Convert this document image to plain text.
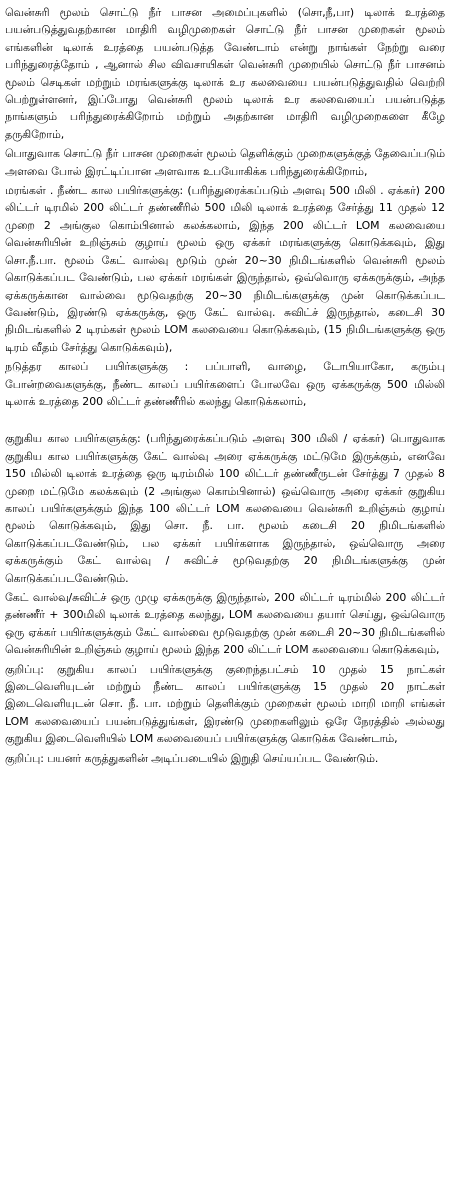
வென்சுரி மூலம் சொட்டு நீர் பாசன அமைப்புகளில் (சொ,நீ,பா) டிலாக் உரத்தை பயன்படுத்துவதற்கான மாதிரி வழிமுறைகள் சொட்டு நீர் பாசன முறைகள் மூலம் எங்களின் டிலாக் உரத்தை பயன்படுத்த வேண்டாம் என்று நாங்கள் நேற்று வரை பரிந்துரைத்தோம் , ஆனால் சில விவசாயிகள் வென்சுரி முறையில் சொட்டு நீர் பாசனம் மூலம் செடிகள் மற்றும் மரங்களுக்கு டிலாக் உர கலவையை பயன்படுத்துவதில் வெற்றி பெற்றுள்ளனர், இப்போது வென்சுரி மூலம் டிலாக் உர கலவையைப் பயன்படுத்த நாங்களும் பரிந்துரைக்கிறோம் மற்றும் அதற்கான மாதிரி வழிமுறைகளை கீழே தருகிறோம்,

பொதுவாக சொட்டு நீர் பாசன முறைகள் மூலம் தெளிக்கும் முறைகளுக்குத் தேவைப்படும் அளவை போல் இரட்டிப்பான அளவாக உபயோகிக்க பரிந்துரைக்கிறோம்,

மரங்கள் . நீண்ட கால பயிர்களுக்கு: (பரிந்துரைக்கப்படும் அளவு 500 மிலி . ஏக்கர்) 200 லிட்டர் டிரமில் 200 லிட்டர் தண்ணீரில் 500 மிலி டிலாக் உரத்தை சேர்த்து 11 முதல் 12 முறை 2 அங்குல கொம்பினால் கலக்கலாம், இந்த 200 லிட்டர் LOM கலவையை வென்சுரியின் உறிஞ்சும் குழாய் மூலம் ஒரு ஏக்கர் மரங்களுக்கு கொடுக்கவும், இது சொ.நீ.பா. மூலம் கேட் வால்வு மூடும் முன் 20~30 நிமிடங்களில் வென்சுரி மூலம் கொடுக்கப்பட வேண்டும், பல ஏக்கர் மரங்கள் இருந்தால், ஒவ்வொரு ஏக்கருக்கும், அந்த ஏக்கருக்கான வால்வை மூடுவதற்கு 20~30 நிமிடங்களுக்கு முன் கொடுக்கப்பட வேண்டும், இரண்டு ஏக்கருக்கு, ஒரு கேட் வால்வு. சுவிட்ச் இருந்தால், கடைசி 30 நிமிடங்களில் 2 டிரம்கள் மூலம் LOM கலவையை கொடுக்கவும், (15 நிமிடங்களுக்கு ஒரு டிரம் வீதம் சேர்த்து கொடுக்கவும்),

நடுத்தர காலப் பயிர்களுக்கு : பப்பாளி, வாழை, டோபியாகோ, கரும்பு போன்றவைகளுக்கு, நீண்ட காலப் பயிர்களைப் போலவே ஒரு ஏக்கருக்கு 500 மில்லி டிலாக் உரத்தை 200 லிட்டர் தண்ணீரில் கலந்து கொடுக்கலாம்,

குறுகிய கால பயிர்களுக்கு: (பரிந்துரைக்கப்படும் அளவு 300 மிலி / ஏக்கர்) பொதுவாக குறுகிய கால பயிர்களுக்கு கேட் வால்வு அரை ஏக்கருக்கு மட்டுமே இருக்கும், எனவே 150 மில்லி டிலாக் உரத்தை ஒரு டிரம்மில் 100 லிட்டர் தண்ணீருடன் சேர்த்து 7 முதல் 8 முறை மட்டுமே கலக்கவும் (2 அங்குல கொம்பினால்) ஒவ்வொரு அரை ஏக்கர் குறுகிய காலப் பயிர்களுக்கும் இந்த 100 லிட்டர் LOM கலவையை வென்சுரி உறிஞ்சும் குழாய் மூலம் கொடுக்கவும், இது சொ. நீ. பா. மூலம் கடைசி 20 நிமிடங்களில் கொடுக்கப்படவேண்டும், பல ஏக்கர் பயிர்களாக இருந்தால், ஒவ்வொரு அரை ஏக்கருக்கும் கேட் வால்வு / சுவிட்ச் மூடுவதற்கு 20 நிமிடங்களுக்கு முன் கொடுக்கப்படவேண்டும்.

கேட் வால்வு/சுவிட்ச் ஒரு முழு ஏக்கருக்கு இருந்தால், 200 லிட்டர் டிரம்மில் 200 லிட்டர் தண்ணீர் + 300மிலி டிலாக் உரத்தை கலந்து, LOM கலவையை தயார் செய்து, ஒவ்வொரு ஒரு ஏக்கர் பயிர்களுக்கும் கேட் வால்வை மூடுவதற்கு முன் கடைசி 20~30 நிமிடங்களில் வென்சுரியின் உறிஞ்சும் குழாய் மூலம் இந்த 200 லிட்டர் LOM கலவையை கொடுக்கவும்,

குறிப்பு: குறுகிய காலப் பயிர்களுக்கு குறைந்தபட்சம் 10 முதல் 15 நாட்கள் இடைவெளியுடன் மற்றும் நீண்ட காலப் பயிர்களுக்கு 15 முதல் 20 நாட்கள் இடைவெளியுடன் சொ. நீ. பா. மற்றும் தெளிக்கும் முறைகள் மூலம் மாறி மாறி எங்கள் LOM கலவையைப் பயன்படுத்துங்கள், இரண்டு முறைகளிலும் ஒரே நேரத்தில் அல்லது குறுகிய இடைவெளியில் LOM கலவையைப் பயிர்களுக்கு கொடுக்க வேண்டாம்,

குறிப்பு: பயனர் கருத்துகளின் அடிப்படையில் இறுதி செய்யப்பட வேண்டும்.
